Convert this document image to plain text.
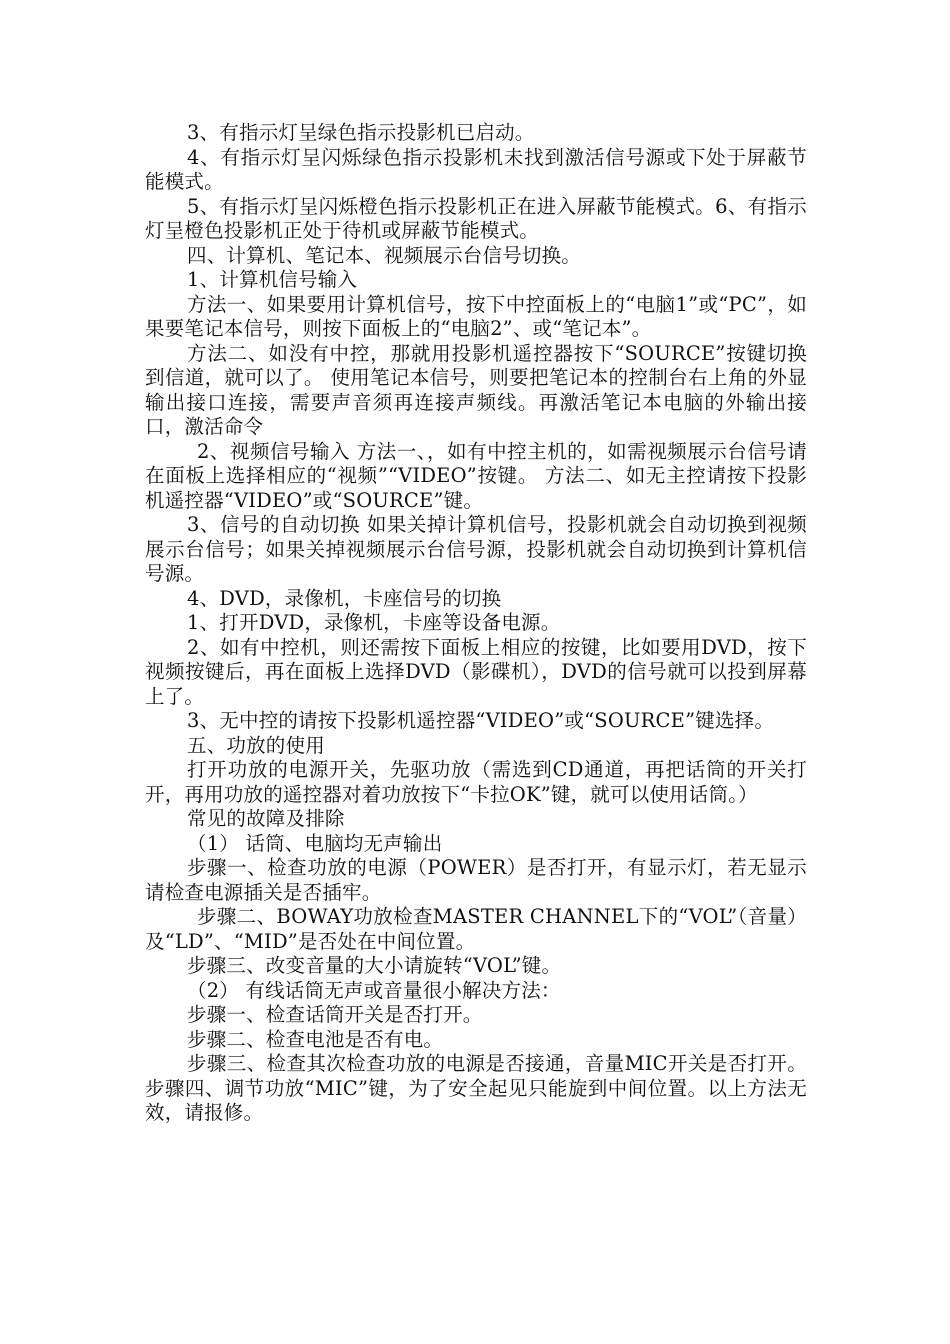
3、有指示灯呈绿色指示投影机已启动。

4、有指示灯呈闪烁绿色指示投影机未找到激活信号源或下处于屏蔽节能模式。

5、有指示灯呈闪烁橙色指示投影机正在进入屏蔽节能模式。6、有指示灯呈橙色投影机正处于待机或屏蔽节能模式。

四、计算机、笔记本、视频展示台信号切换。

1、计算机信号输入

方法一、如果要用计算机信号，按下中控面板上的“电脑1”或“PC”，如果要笔记本信号，则按下面板上的“电脑2”、或“笔记本”。

方法二、如没有中控，那就用投影机遥控器按下“SOURCE”按键切换到信道，就可以了。 使用笔记本信号，则要把笔记本的控制台右上角的外显输出接口连接，需要声音须再连接声频线。再激活笔记本电脑的外输出接口，激活命令

2、视频信号输入 方法一、，如有中控主机的，如需视频展示台信号请在面板上选择相应的“视频”“VIDEO”按键。 方法二、如无主控请按下投影机遥控器“VIDEO”或“SOURCE”键。

3、信号的自动切换 如果关掉计算机信号，投影机就会自动切换到视频展示台信号；如果关掉视频展示台信号源，投影机就会自动切换到计算机信号源。

4、DVD，录像机，卡座信号的切换

1、打开DVD，录像机，卡座等设备电源。

2、如有中控机，则还需按下面板上相应的按键，比如要用DVD，按下视频按键后，再在面板上选择DVD（影碟机），DVD的信号就可以投到屏幕上了。

3、无中控的请按下投影机遥控器“VIDEO”或“SOURCE”键选择。

五、功放的使用

打开功放的电源开关，先驱功放（需选到CD通道，再把话筒的开关打开，再用功放的遥控器对着功放按下“卡拉OK”键，就可以使用话筒。）

常见的故障及排除

（1） 话筒、电脑均无声输出

步骤一、检查功放的电源（POWER）是否打开，有显示灯，若无显示请检查电源插关是否插牢。

步骤二、BOWAY功放检查MASTER CHANNEL下的“VOL”（音量）及“LD”、“MID”是否处在中间位置。

步骤三、改变音量的大小请旋转“VOL”键。

（2） 有线话筒无声或音量很小解决方法：

步骤一、检查话筒开关是否打开。

步骤二、检查电池是否有电。

步骤三、检查其次检查功放的电源是否接通，音量MIC开关是否打开。步骤四、调节功放“MIC”键，为了安全起见只能旋到中间位置。以上方法无效，请报修。
